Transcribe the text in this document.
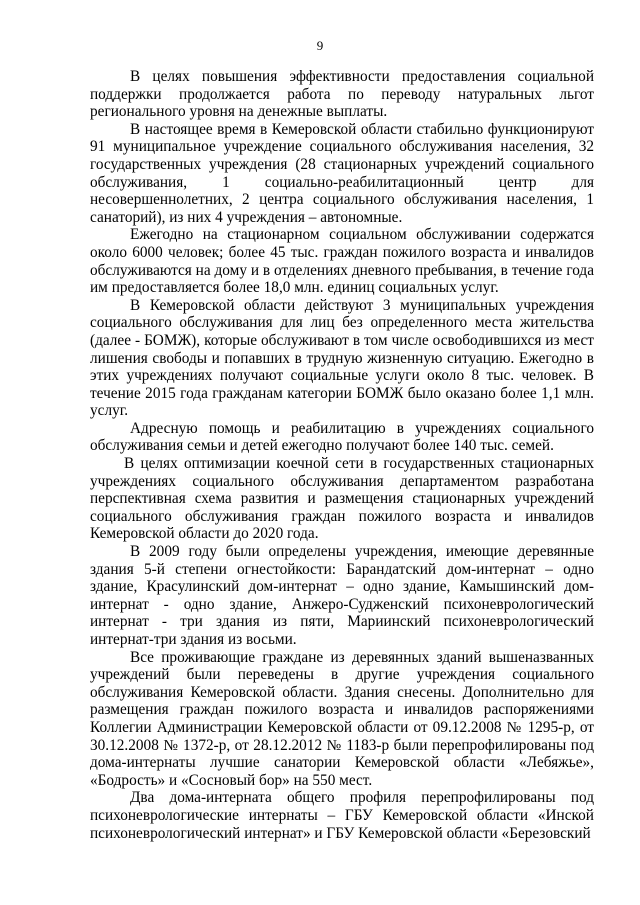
9

В целях повышения эффективности предоставления социальной поддержки продолжается работа по переводу натуральных льгот регионального уровня на денежные выплаты.

В настоящее время в Кемеровской области стабильно функционируют 91 муниципальное учреждение социального обслуживания населения, 32 государственных учреждения (28 стационарных учреждений социального обслуживания, 1 социально-реабилитационный центр для несовершеннолетних, 2 центра социального обслуживания населения, 1 санаторий), из них 4 учреждения – автономные.

Ежегодно на стационарном социальном обслуживании содержатся около 6000 человек; более 45 тыс. граждан пожилого возраста и инвалидов обслуживаются на дому и в отделениях дневного пребывания, в течение года им предоставляется более 18,0 млн. единиц социальных услуг.

В Кемеровской области действуют 3 муниципальных учреждения социального обслуживания для лиц без определенного места жительства (далее - БОМЖ), которые обслуживают в том числе освободившихся из мест лишения свободы и попавших в трудную жизненную ситуацию. Ежегодно в этих учреждениях получают социальные услуги около 8 тыс. человек. В течение 2015 года гражданам категории БОМЖ было оказано более 1,1 млн. услуг.

Адресную помощь и реабилитацию в учреждениях социального обслуживания семьи и детей ежегодно получают более 140 тыс. семей.

В целях оптимизации коечной сети в государственных стационарных учреждениях социального обслуживания департаментом разработана перспективная схема развития и размещения стационарных учреждений социального обслуживания граждан пожилого возраста и инвалидов Кемеровской области до 2020 года.

В 2009 году были определены учреждения, имеющие деревянные здания 5-й степени огнестойкости: Барандатский дом-интернат – одно здание, Красулинский дом-интернат – одно здание, Камышинский дом-интернат - одно здание, Анжеро-Судженский психоневрологический интернат - три здания из пяти, Мариинский психоневрологический интернат-три здания из восьми.

Все проживающие граждане из деревянных зданий вышеназванных учреждений были переведены в другие учреждения социального обслуживания Кемеровской области. Здания снесены. Дополнительно для размещения граждан пожилого возраста и инвалидов распоряжениями Коллегии Администрации Кемеровской области от 09.12.2008 № 1295-р, от 30.12.2008 № 1372-р, от 28.12.2012 № 1183-р были перепрофилированы под дома-интернаты лучшие санатории Кемеровской области «Лебяжье», «Бодрость» и «Сосновый бор» на 550 мест.

Два дома-интерната общего профиля перепрофилированы под психоневрологические интернаты – ГБУ Кемеровской области «Инской психоневрологический интернат» и ГБУ Кемеровской области «Березовский
